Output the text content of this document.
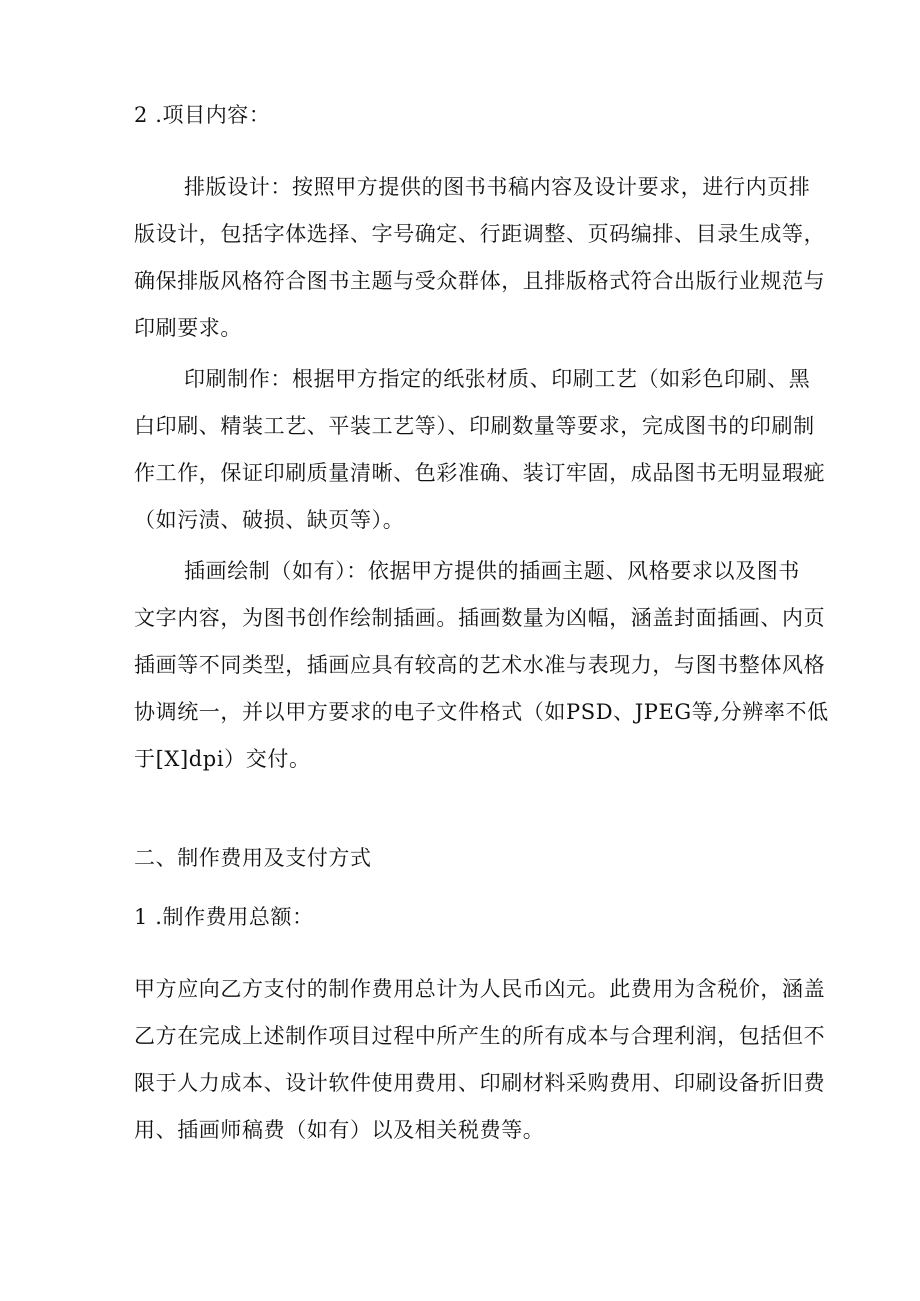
2 .项目内容：
排版设计：按照甲方提供的图书书稿内容及设计要求，进行内页排
版设计，包括字体选择、字号确定、行距调整、页码编排、目录生成等，
确保排版风格符合图书主题与受众群体，且排版格式符合出版行业规范与
印刷要求。
印刷制作：根据甲方指定的纸张材质、印刷工艺（如彩色印刷、黑
白印刷、精装工艺、平装工艺等）、印刷数量等要求，完成图书的印刷制
作工作，保证印刷质量清晰、色彩准确、装订牢固，成品图书无明显瑕疵
（如污渍、破损、缺页等）。
插画绘制（如有）：依据甲方提供的插画主题、风格要求以及图书
文字内容，为图书创作绘制插画。插画数量为凶幅，涵盖封面插画、内页
插画等不同类型，插画应具有较高的艺术水准与表现力，与图书整体风格
协调统一，并以甲方要求的电子文件格式（如PSD、JPEG等,分辨率不低
于[X]dpi）交付。
二、制作费用及支付方式
1 .制作费用总额：
甲方应向乙方支付的制作费用总计为人民币凶元。此费用为含税价，涵盖
乙方在完成上述制作项目过程中所产生的所有成本与合理利润，包括但不
限于人力成本、设计软件使用费用、印刷材料采购费用、印刷设备折旧费
用、插画师稿费（如有）以及相关税费等。
